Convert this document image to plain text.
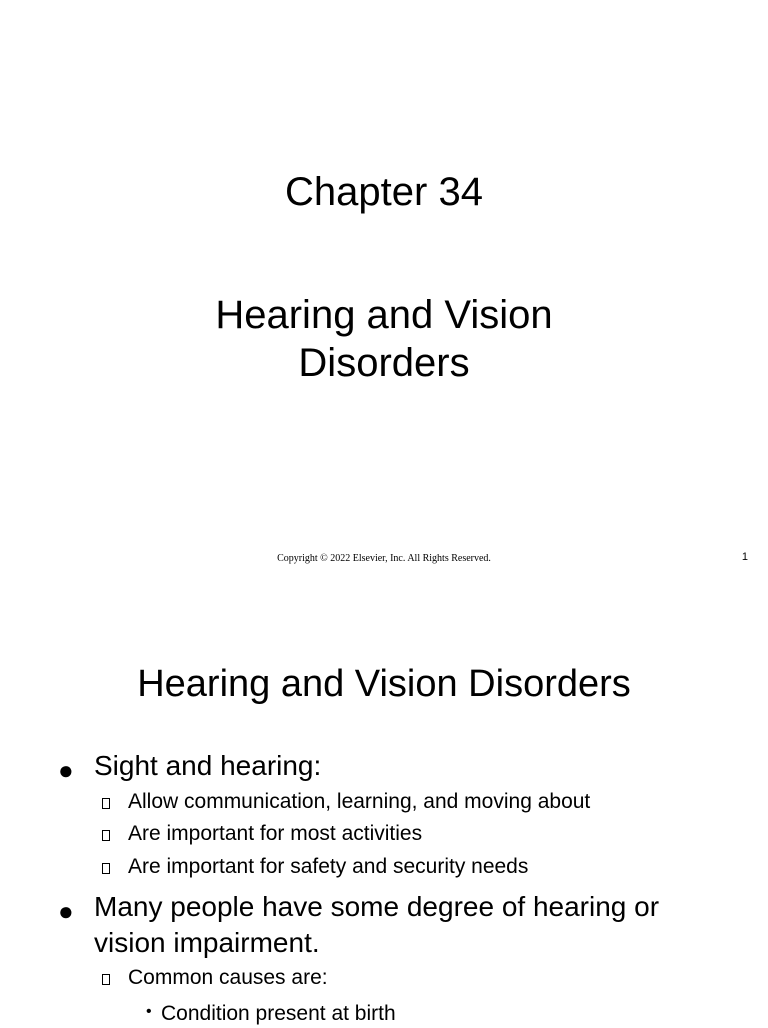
Chapter 34
Hearing and Vision
Disorders
Copyright © 2022 Elsevier, Inc. All Rights Reserved.	1
Hearing and Vision Disorders
● Sight and hearing:
Allow communication, learning, and moving about
Are important for most activities
Are important for safety and security needs
● Many people have some degree of hearing or
vision impairment.
Common causes are:
• Condition present at birth
